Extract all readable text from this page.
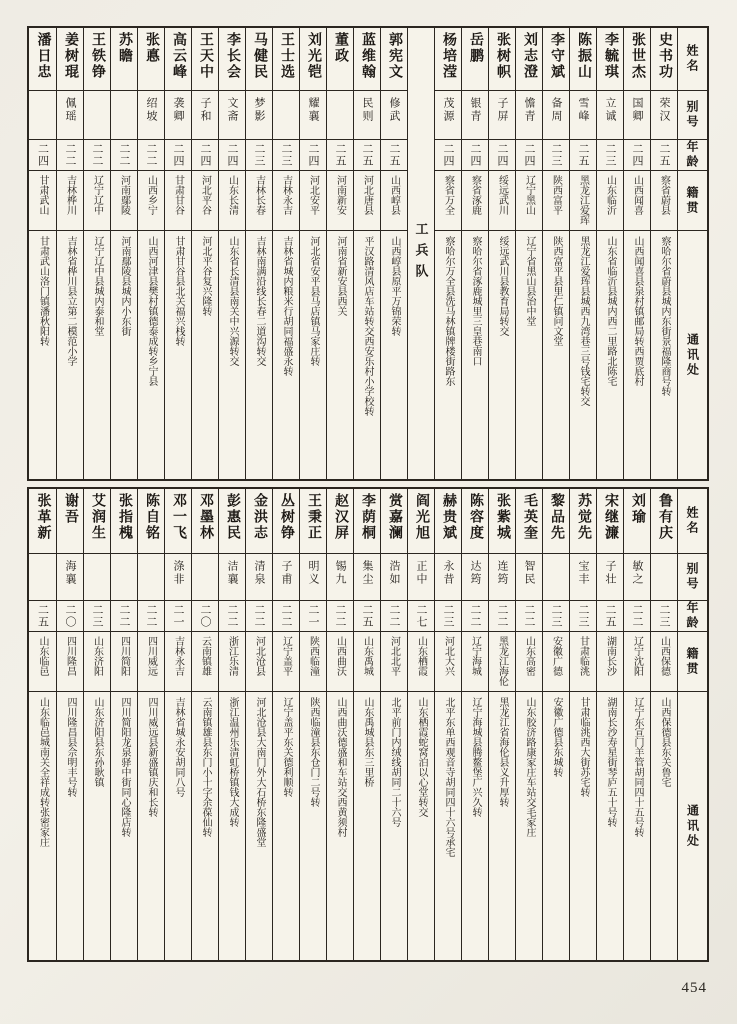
姓名
别号
年龄
籍贯
通讯处
史书功
荣汉
二五
察省蔚县
察哈尔省蔚县城内东街景福隆商号转
张世杰
国卿
二四
山西闻喜
山西闻喜县泉村镇邮局转西贾底村
李毓琪
立诚
二三
山东临沂
山东省临沂县城内西二里路北陈宅
陈振山
雪峰
二五
黑龙江爱珲
黑龙江爱珲县城西九湾巷三号钱宅转交
李守斌
备周
二三
陕西富平
陕西富平县里仁镇问文堂
刘志澄
憺青
二四
辽宁黑山
辽宁省黑山县治中堂
张树帜
子屏
二四
绥远武川
绥远武川县教育局转交
岳鹏
银青
二四
察省涿鹿
察哈尔省涿鹿城里三皇巷南口
杨培滢
茂源
二四
察省万全
察哈尔万全县洗马林镇牌楼街路东
工兵队
郭宪文
修武
二五
山西崞县
山西崞县原平万锦荣转
蓝维翰
民则
二五
河北唐县
平汉路清风店车站转交西安乐村小学校转
董政
二五
河南新安
河南省新安县西关
刘光铠
耀襄
二四
河北安平
河北省安平县马店镇马家庄转
王士选
二三
吉林永吉
吉林省城内粮米行胡同福盛永转
马健民
梦影
二三
吉林长春
吉林南满沿线长春二道沟转交
李长会
文斋
二四
山东长清
山东省长清县南关中兴源转交
王天中
子和
二四
河北平谷
河北平谷复兴隆转
高云峰
袭卿
二四
甘肃甘谷
甘肃甘谷县北关福兴栈转
张悳
绍坡
二二
山西乡宁
山西河津县樊村镇德泰成转乡宁县
苏瞻
二二
河南鄢陵
河南鄢陵县城内小东街
王铁铮
二二
辽宁辽中
辽宁辽中县城内泰和堂
姜树琨
佩瑶
二二
吉林桦川
吉林省桦川县立第二模范小学
潘日忠
二四
甘肃武山
甘肃武山洛门镇潘秋阳转
姓名
别号
年龄
籍贯
通讯处
鲁有庆
二三
山西保德
山西保德县东关鲁宅
刘瑜
敏之
二二
辽宁沈阳
辽宁东宣门羊管胡同四十五号转
宋继濂
子壮
二五
湖南长沙
湖南长沙寿星街琴庐五十号转
苏觉先
宝丰
二三
甘肃临洮
甘肃临洮西大街苏宅转
黎品先
二三
安徽广德
安徽广德县东城转
毛英奎
智民
二二
山东高密
山东胶济路康家庄车站交毛家庄
张紫城
连筠
二二
黑龙江海伦
黑龙江省海伦县义升厚转
陈容度
达筠
二二
辽宁海城
辽宁海城县腾鳌堡广兴久转
赫贵斌
永昔
二三
河北大兴
北平东单西观音寺胡同四十六号承宅
阎光旭
正中
二七
山东栖霞
山东栖霞蛇窝泊以心堂转交
赏嘉澜
浩如
二二
河北北平
北平前门内绒线胡同二十六号
李荫桐
集尘
二五
山东禹城
山东禹城县东三里桥
赵汉屏
锡九
二二
山西曲沃
山西曲沃德盛和车站交西黄须村
王秉正
明义
二一
陕西临潼
陕西临潼县东仓门二号转
丛树铮
子甫
二二
辽宁盖平
辽宁盖平东关德利顺转
金洪志
清泉
二二
河北沧县
河北沧县大南门外大石桥东隆盛堂
彭惠民
洁襄
二二
浙江乐清
浙江温州乐清虹桥镇钱大成转
邓墨林
二〇
云南镇雄
云南镇雄县东门小十字余葆仙转
邓一飞
涤非
二一
吉林永吉
吉林省城永安胡同八号
陈自铭
二二
四川威远
四川威远县新盛镇庆和长转
张指槐
二二
四川简阳
四川简阳龙泉驿中街同心隆店转
艾润生
二三
山东济阳
山东济阳县东孙耿镇
谢吾
海襄
二〇
四川隆昌
四川隆昌县佘明丰号转
张革新
二五
山东临邑
山东临邑城南关全祥成转张密家庄
454
